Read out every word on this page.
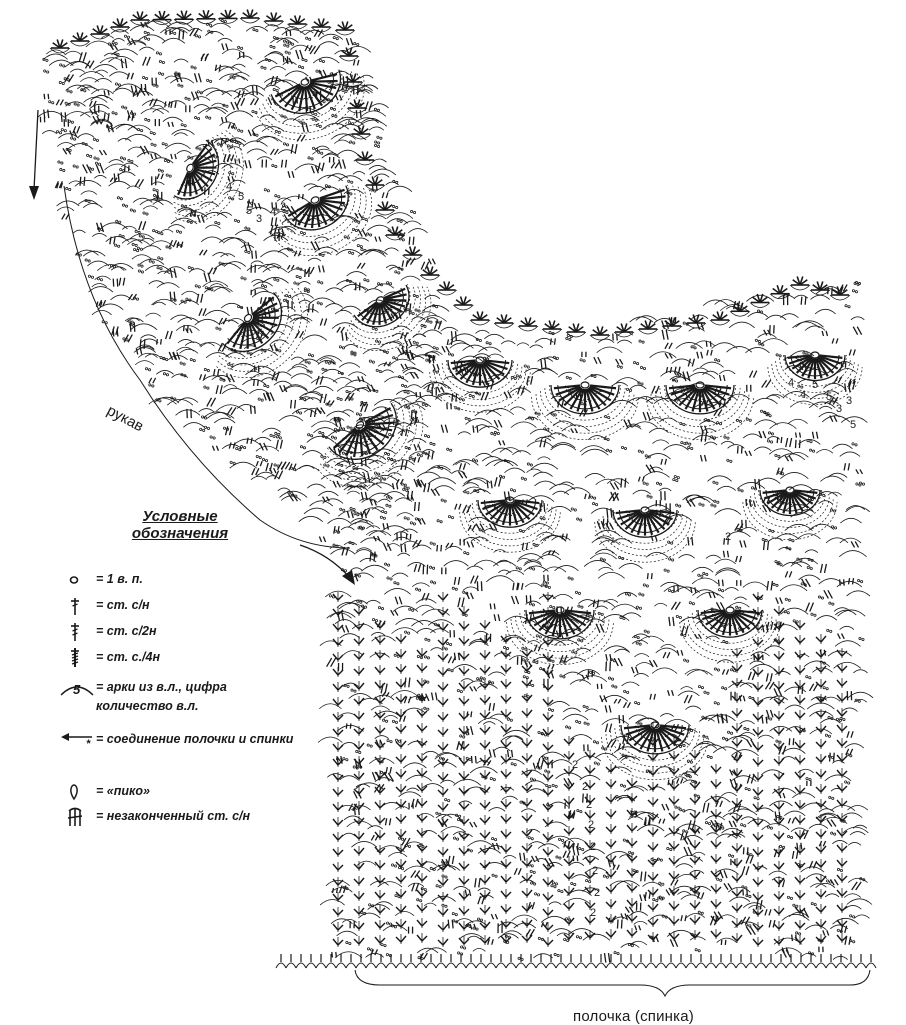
4
5
5
3
4 2
4
4
5
5
3
3
5
2
2
2
2
2
2
2
2
2
рукав
полочка (спинка)
Условные
обозначения
= 1 в. п.
= ст. с/н
= ст. с/2н
= ст. с./4н
5 = арки из в.л., цифра количество в.л.
* = соединение полочки и спинки
= «пико»
= незаконченный ст. с/н
